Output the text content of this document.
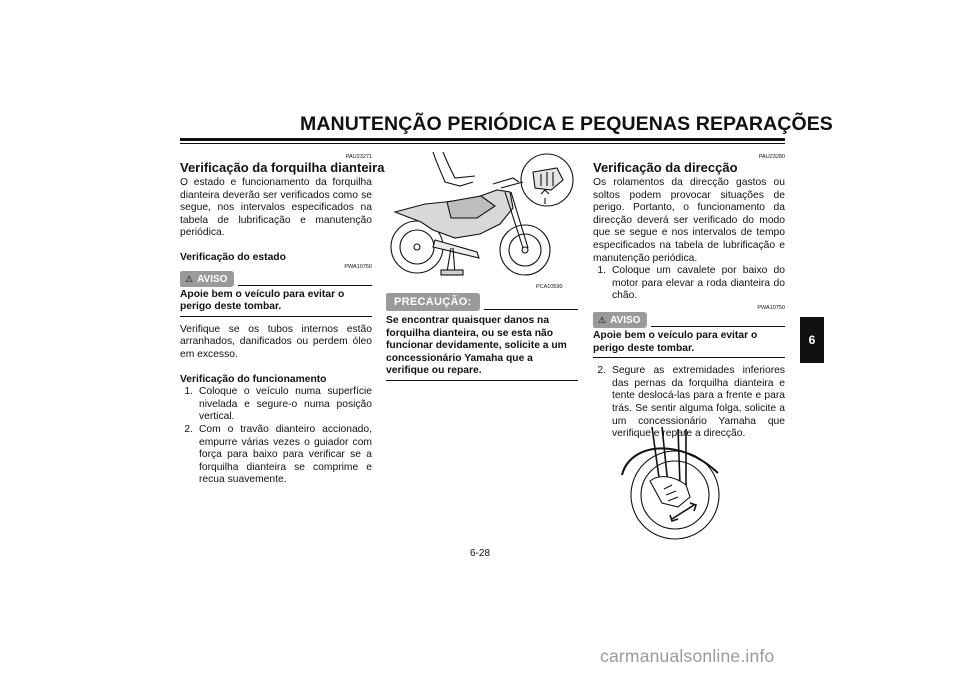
MANUTENÇÃO PERIÓDICA E PEQUENAS REPARAÇÕES
PAU23271
Verificação da forquilha dianteira
O estado e funcionamento da forquilha dianteira deverão ser verificados como se segue, nos intervalos especificados na tabela de lubrificação e manutenção periódica.
Verificação do estado
⚠ AVISO
PWA10750
Apoie bem o veículo para evitar o perigo deste tombar.
Verifique se os tubos internos estão arranhados, danificados ou perdem óleo em excesso.
Verificação do funcionamento
1. Coloque o veículo numa superfície nivelada e segure-o numa posição vertical.
2. Com o travão dianteiro accionado, empurre várias vezes o guiador com força para baixo para verificar se a forquilha dianteira se comprime e recua suavemente.
PCA10590
PRECAUÇÃO:
Se encontrar quaisquer danos na forquilha dianteira, ou se esta não funcionar devidamente, solicite a um concessionário Yamaha que a verifique ou repare.
PAU23280
Verificação da direcção
Os rolamentos da direcção gastos ou soltos podem provocar situações de perigo. Portanto, o funcionamento da direcção deverá ser verificado do modo que se segue e nos intervalos de tempo especificados na tabela de lubrificação e manutenção periódica.
1. Coloque um cavalete por baixo do motor para elevar a roda dianteira do chão.
⚠ AVISO
PWA10750
Apoie bem o veículo para evitar o perigo deste tombar.
2. Segure as extremidades inferiores das pernas da forquilha dianteira e tente deslocá-las para a frente e para trás. Se sentir alguma folga, solicite a um concessionário Yamaha que verifique e repare a direcção.
6
6-28
carmanualsonline.info
